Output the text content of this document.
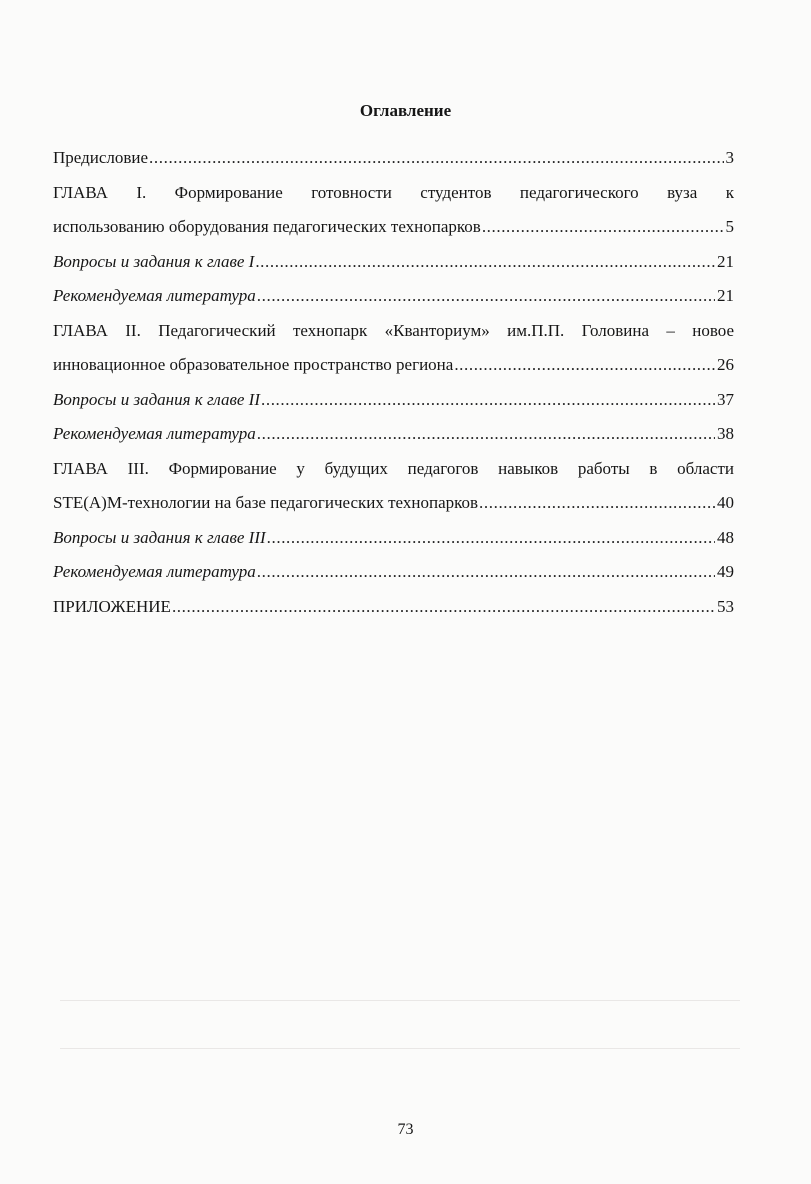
Оглавление
Предисловие .....	3
ГЛАВА I. Формирование готовности студентов педагогического вуза к
использованию оборудования педагогических технопарков .....	5
Вопросы и задания к главе I .....	21
Рекомендуемая литература .....	21
ГЛАВА II. Педагогический технопарк «Кванториум» им.П.П. Головина – новое
инновационное образовательное пространство региона .....	26
Вопросы и задания к главе II .....	37
Рекомендуемая литература .....	38
ГЛАВА III. Формирование у будущих педагогов навыков работы в области
STE(A)M-технологии на базе педагогических технопарков .....	40
Вопросы и задания к главе III .....	48
Рекомендуемая литература .....	49
ПРИЛОЖЕНИЕ .....	53
73
